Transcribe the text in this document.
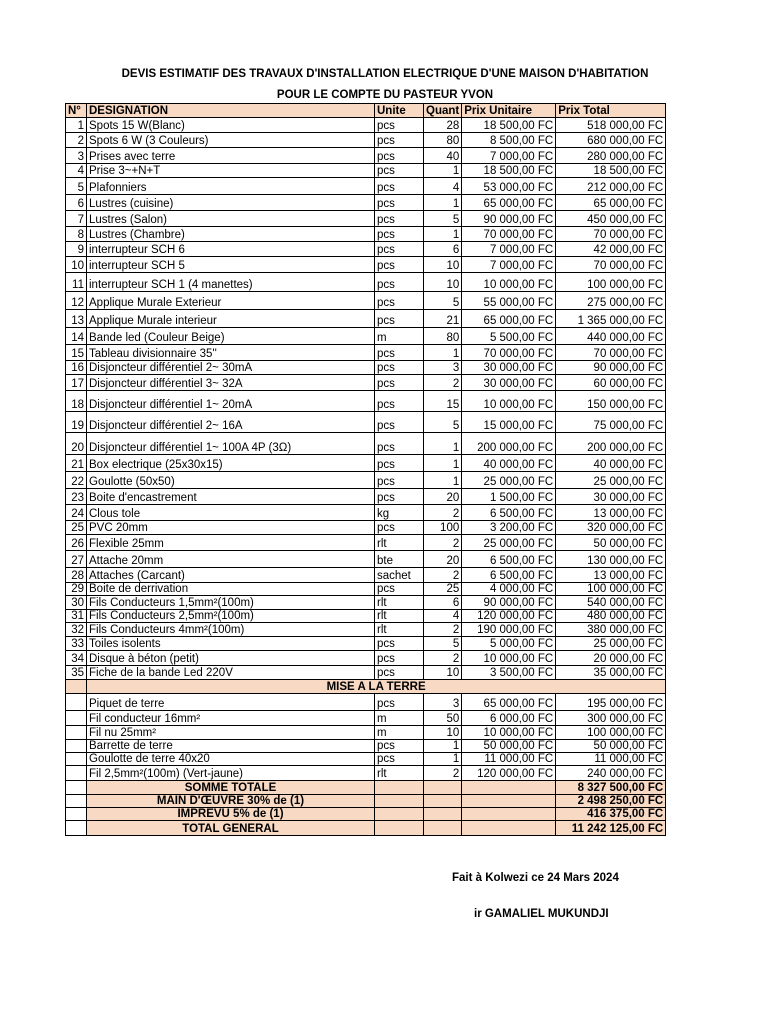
DEVIS ESTIMATIF DES TRAVAUX D'INSTALLATION ELECTRIQUE D'UNE MAISON D'HABITATION
POUR LE COMPTE DU PASTEUR YVON
N°	DESIGNATION	Unite	Quant	Prix Unitaire	Prix Total
1	Spots 15 W(Blanc)	pcs	28	18 500,00 FC	518 000,00 FC
2	Spots 6 W (3 Couleurs)	pcs	80	8 500,00 FC	680 000,00 FC
3	Prises avec terre	pcs	40	7 000,00 FC	280 000,00 FC
4	Prise 3~+N+T	pcs	1	18 500,00 FC	18 500,00 FC
5	Plafonniers	pcs	4	53 000,00 FC	212 000,00 FC
6	Lustres (cuisine)	pcs	1	65 000,00 FC	65 000,00 FC
7	Lustres (Salon)	pcs	5	90 000,00 FC	450 000,00 FC
8	Lustres (Chambre)	pcs	1	70 000,00 FC	70 000,00 FC
9	interrupteur SCH 6	pcs	6	7 000,00 FC	42 000,00 FC
10	interrupteur SCH 5	pcs	10	7 000,00 FC	70 000,00 FC
11	interrupteur SCH 1 (4 manettes)	pcs	10	10 000,00 FC	100 000,00 FC
12	Applique Murale Exterieur	pcs	5	55 000,00 FC	275 000,00 FC
13	Applique Murale interieur	pcs	21	65 000,00 FC	1 365 000,00 FC
14	Bande led (Couleur Beige)	m	80	5 500,00 FC	440 000,00 FC
15	Tableau divisionnaire 35''	pcs	1	70 000,00 FC	70 000,00 FC
16	Disjoncteur différentiel 2~ 30mA	pcs	3	30 000,00 FC	90 000,00 FC
17	Disjoncteur différentiel 3~ 32A	pcs	2	30 000,00 FC	60 000,00 FC
18	Disjoncteur différentiel 1~ 20mA	pcs	15	10 000,00 FC	150 000,00 FC
19	Disjoncteur différentiel 2~ 16A	pcs	5	15 000,00 FC	75 000,00 FC
20	Disjoncteur différentiel 1~ 100A 4P (3Ω)	pcs	1	200 000,00 FC	200 000,00 FC
21	Box electrique (25x30x15)	pcs	1	40 000,00 FC	40 000,00 FC
22	Goulotte (50x50)	pcs	1	25 000,00 FC	25 000,00 FC
23	Boite d'encastrement	pcs	20	1 500,00 FC	30 000,00 FC
24	Clous tole	kg	2	6 500,00 FC	13 000,00 FC
25	PVC 20mm	pcs	100	3 200,00 FC	320 000,00 FC
26	Flexible 25mm	rlt	2	25 000,00 FC	50 000,00 FC
27	Attache 20mm	bte	20	6 500,00 FC	130 000,00 FC
28	Attaches (Carcant)	sachet	2	6 500,00 FC	13 000,00 FC
29	Boite de derrivation	pcs	25	4 000,00 FC	100 000,00 FC
30	Fils Conducteurs 1,5mm²(100m)	rlt	6	90 000,00 FC	540 000,00 FC
31	Fils Conducteurs 2,5mm²(100m)	rlt	4	120 000,00 FC	480 000,00 FC
32	Fils Conducteurs 4mm²(100m)	rlt	2	190 000,00 FC	380 000,00 FC
33	Toiles isolents	pcs	5	5 000,00 FC	25 000,00 FC
34	Disque à béton (petit)	pcs	2	10 000,00 FC	20 000,00 FC
35	Fiche de la bande Led 220V	pcs	10	3 500,00 FC	35 000,00 FC
	MISE A LA TERRE				
	Piquet de terre	pcs	3	65 000,00 FC	195 000,00 FC
	Fil conducteur 16mm²	m	50	6 000,00 FC	300 000,00 FC
	Fil nu 25mm²	m	10	10 000,00 FC	100 000,00 FC
	Barrette de terre	pcs	1	50 000,00 FC	50 000,00 FC
	Goulotte de terre 40x20	pcs	1	11 000,00 FC	11 000,00 FC
	Fil 2,5mm²(100m) (Vert-jaune)	rlt	2	120 000,00 FC	240 000,00 FC
	SOMME TOTALE				8 327 500,00 FC
	MAIN D'ŒUVRE 30% de (1)				2 498 250,00 FC
	IMPREVU 5% de (1)				416 375,00 FC
	TOTAL GENERAL				11 242 125,00 FC
Fait à Kolwezi ce 24 Mars 2024
ir GAMALIEL MUKUNDJI
